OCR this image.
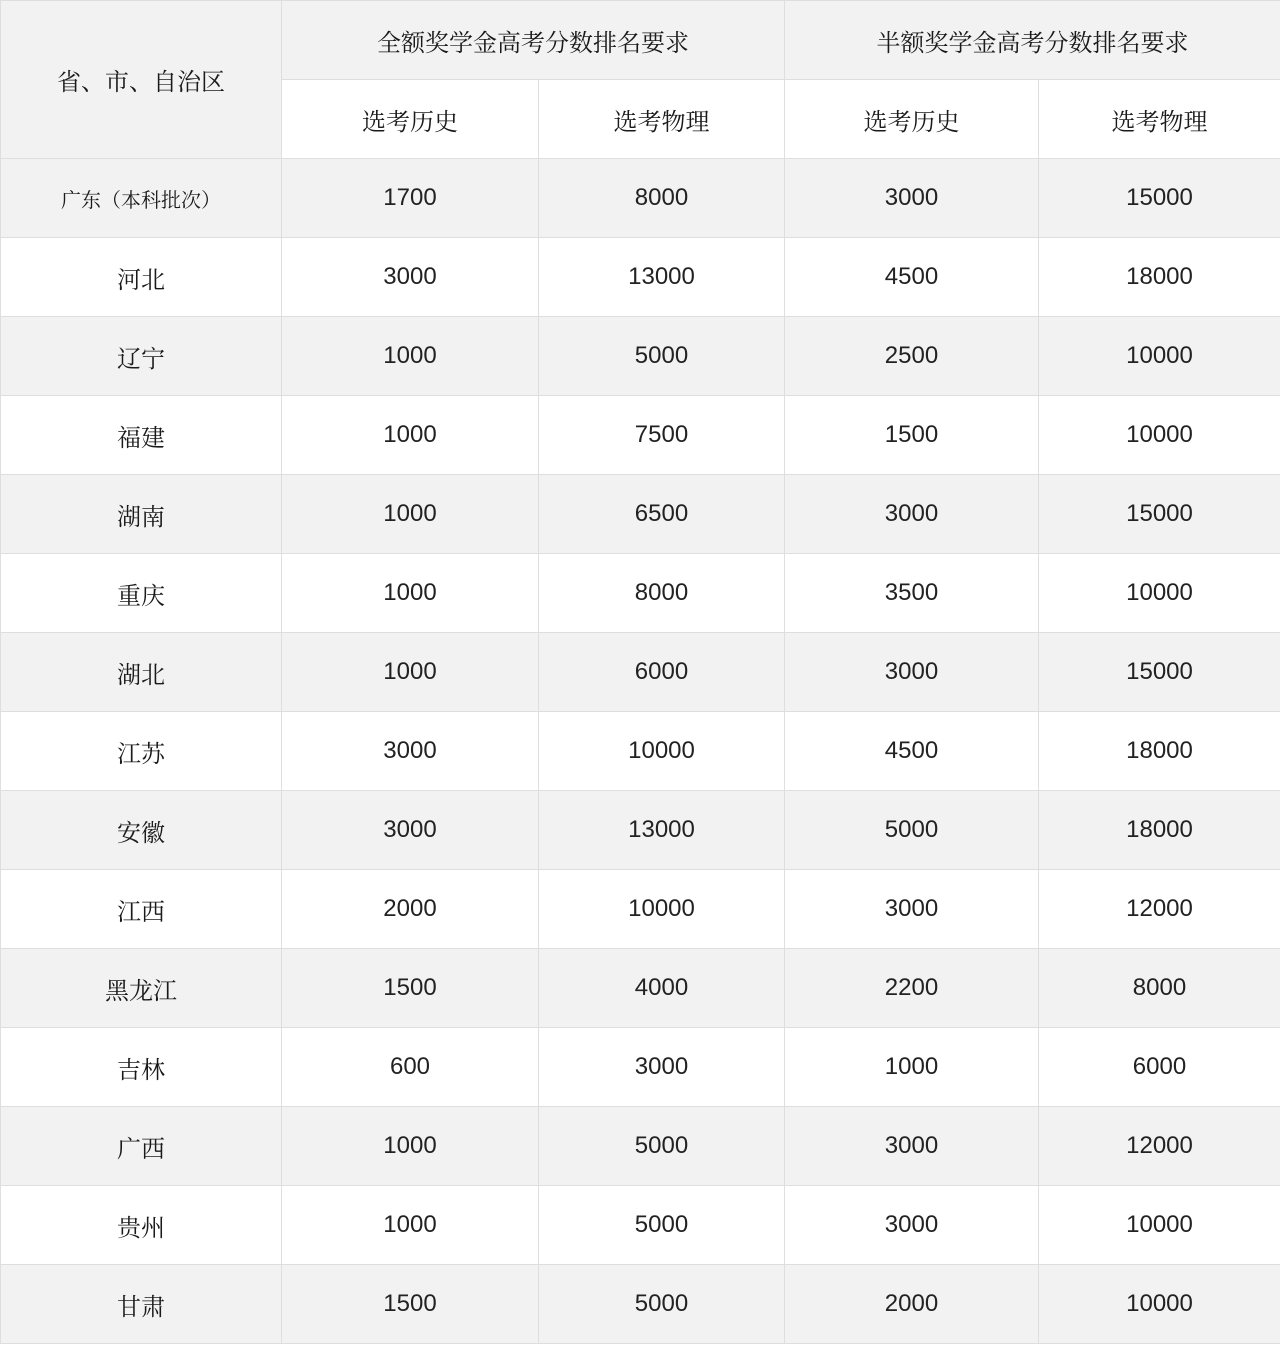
省、市、自治区	全额奖学金高考分数排名要求		半额奖学金高考分数排名要求	
	选考历史	选考物理	选考历史	选考物理
广东（本科批次）	1700	8000	3000	15000
河北	3000	13000	4500	18000
辽宁	1000	5000	2500	10000
福建	1000	7500	1500	10000
湖南	1000	6500	3000	15000
重庆	1000	8000	3500	10000
湖北	1000	6000	3000	15000
江苏	3000	10000	4500	18000
安徽	3000	13000	5000	18000
江西	2000	10000	3000	12000
黑龙江	1500	4000	2200	8000
吉林	600	3000	1000	6000
广西	1000	5000	3000	12000
贵州	1000	5000	3000	10000
甘肃	1500	5000	2000	10000
